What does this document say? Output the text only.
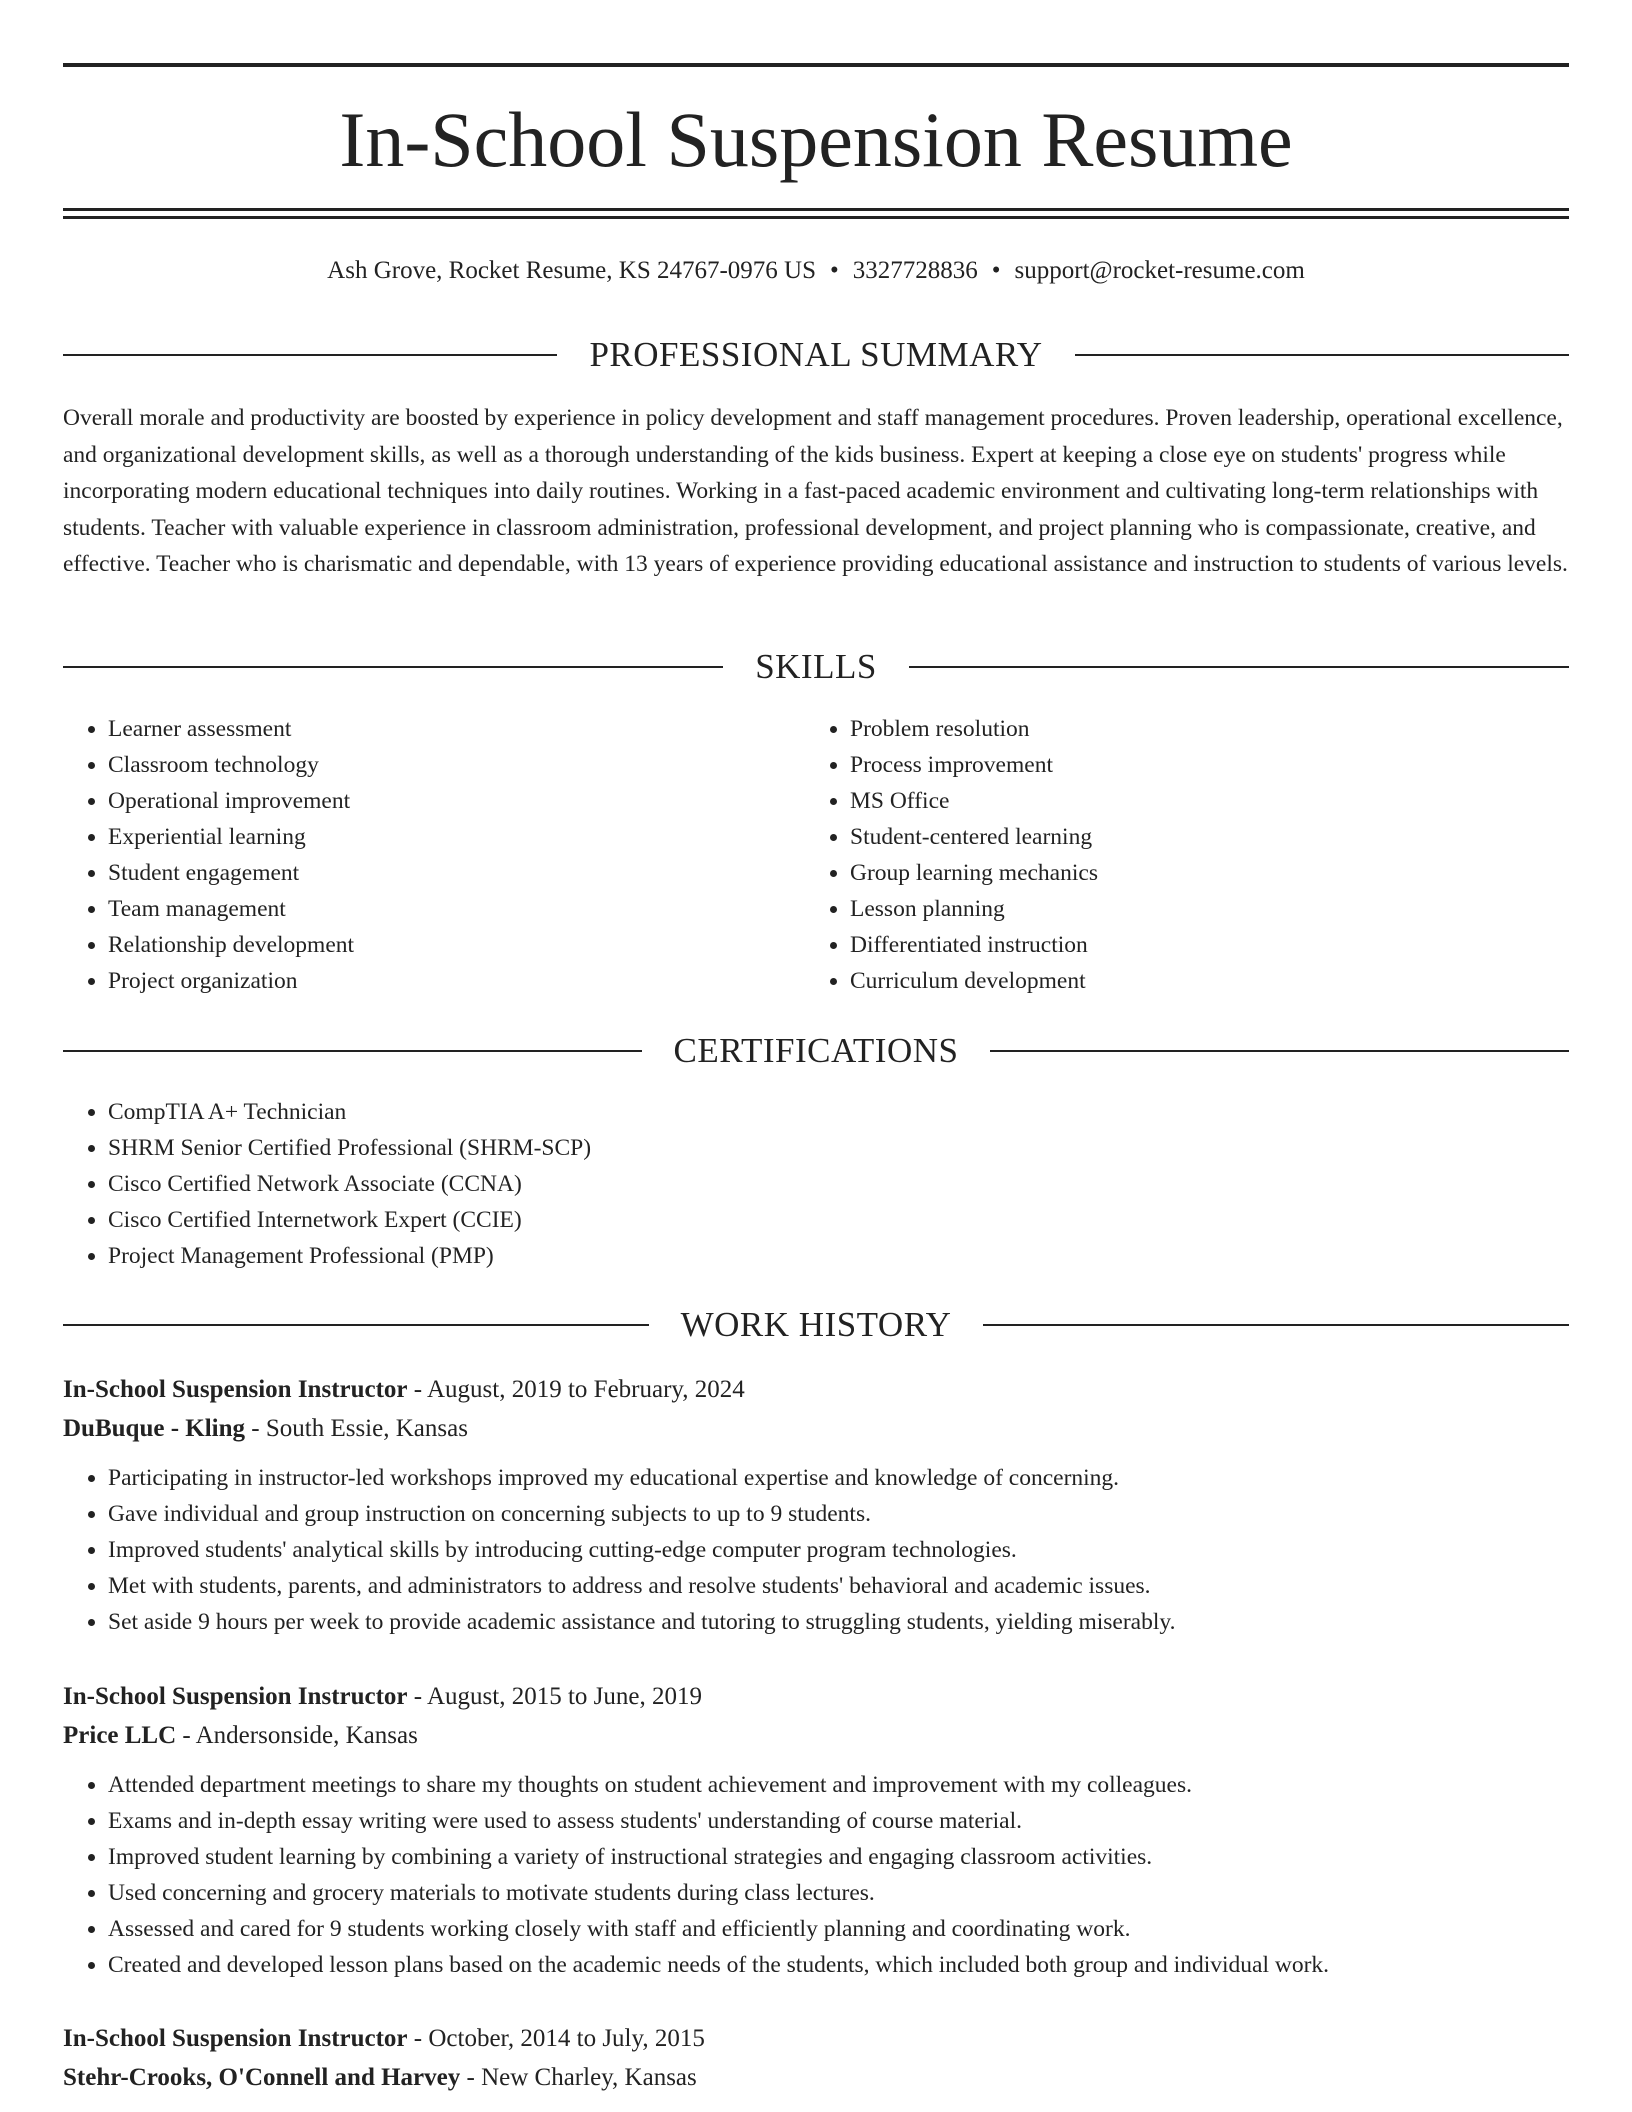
In-School Suspension Resume
Ash Grove, Rocket Resume, KS 24767-0976 US • 3327728836 • support@rocket-resume.com
PROFESSIONAL SUMMARY

Overall morale and productivity are boosted by experience in policy development and staff management procedures. Proven leadership, operational excellence, and organizational development skills, as well as a thorough understanding of the kids business. Expert at keeping a close eye on students' progress while incorporating modern educational techniques into daily routines. Working in a fast-paced academic environment and cultivating long-term relationships with students. Teacher with valuable experience in classroom administration, professional development, and project planning who is compassionate, creative, and effective. Teacher who is charismatic and dependable, with 13 years of experience providing educational assistance and instruction to students of various levels.

SKILLS
• Learner assessment
• Classroom technology
• Operational improvement
• Experiential learning
• Student engagement
• Team management
• Relationship development
• Project organization
• Problem resolution
• Process improvement
• MS Office
• Student-centered learning
• Group learning mechanics
• Lesson planning
• Differentiated instruction
• Curriculum development
CERTIFICATIONS
• CompTIA A+ Technician
• SHRM Senior Certified Professional (SHRM-SCP)
• Cisco Certified Network Associate (CCNA)
• Cisco Certified Internetwork Expert (CCIE)
• Project Management Professional (PMP)
WORK HISTORY
In-School Suspension Instructor - August, 2019 to February, 2024
DuBuque - Kling - South Essie, Kansas
• Participating in instructor-led workshops improved my educational expertise and knowledge of concerning.
• Gave individual and group instruction on concerning subjects to up to 9 students.
• Improved students' analytical skills by introducing cutting-edge computer program technologies.
• Met with students, parents, and administrators to address and resolve students' behavioral and academic issues.
• Set aside 9 hours per week to provide academic assistance and tutoring to struggling students, yielding miserably.
In-School Suspension Instructor - August, 2015 to June, 2019
Price LLC - Andersonside, Kansas
• Attended department meetings to share my thoughts on student achievement and improvement with my colleagues.
• Exams and in-depth essay writing were used to assess students' understanding of course material.
• Improved student learning by combining a variety of instructional strategies and engaging classroom activities.
• Used concerning and grocery materials to motivate students during class lectures.
• Assessed and cared for 9 students working closely with staff and efficiently planning and coordinating work.
• Created and developed lesson plans based on the academic needs of the students, which included both group and individual work.
In-School Suspension Instructor - October, 2014 to July, 2015
Stehr-Crooks, O'Connell and Harvey - New Charley, Kansas
